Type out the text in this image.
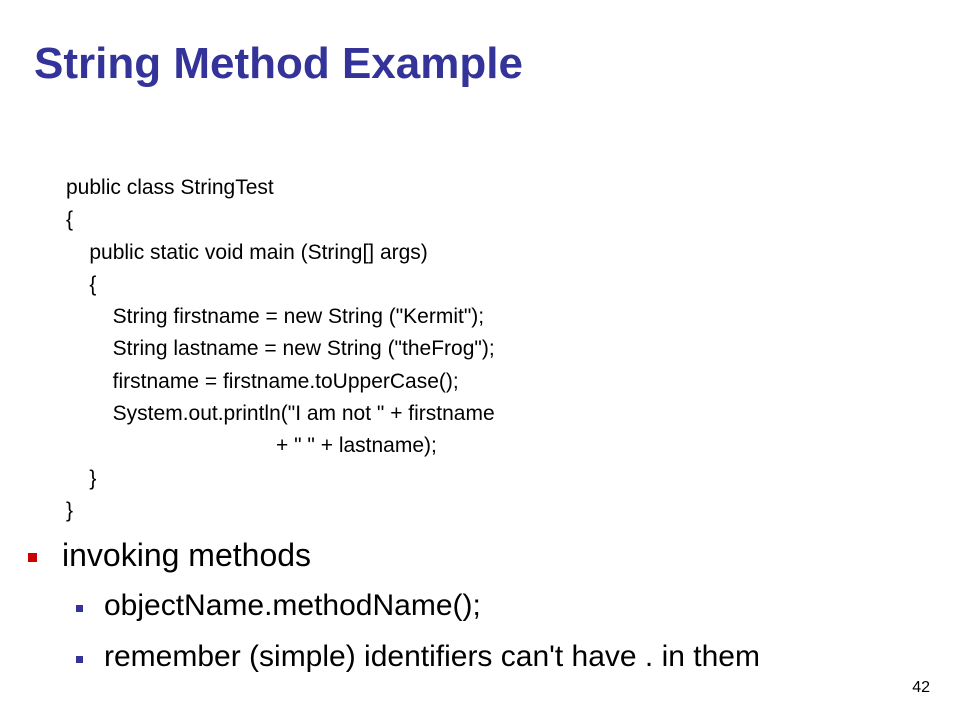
String Method Example
public class StringTest
{
public static void main (String[] args)
{
String firstname = new String ("Kermit");
String lastname = new String ("theFrog");
firstname = firstname.toUpperCase();
System.out.println("I am not " + firstname
+ " " + lastname);
}
}
invoking methods
objectName.methodName();
remember (simple) identifiers can't have . in them
42
